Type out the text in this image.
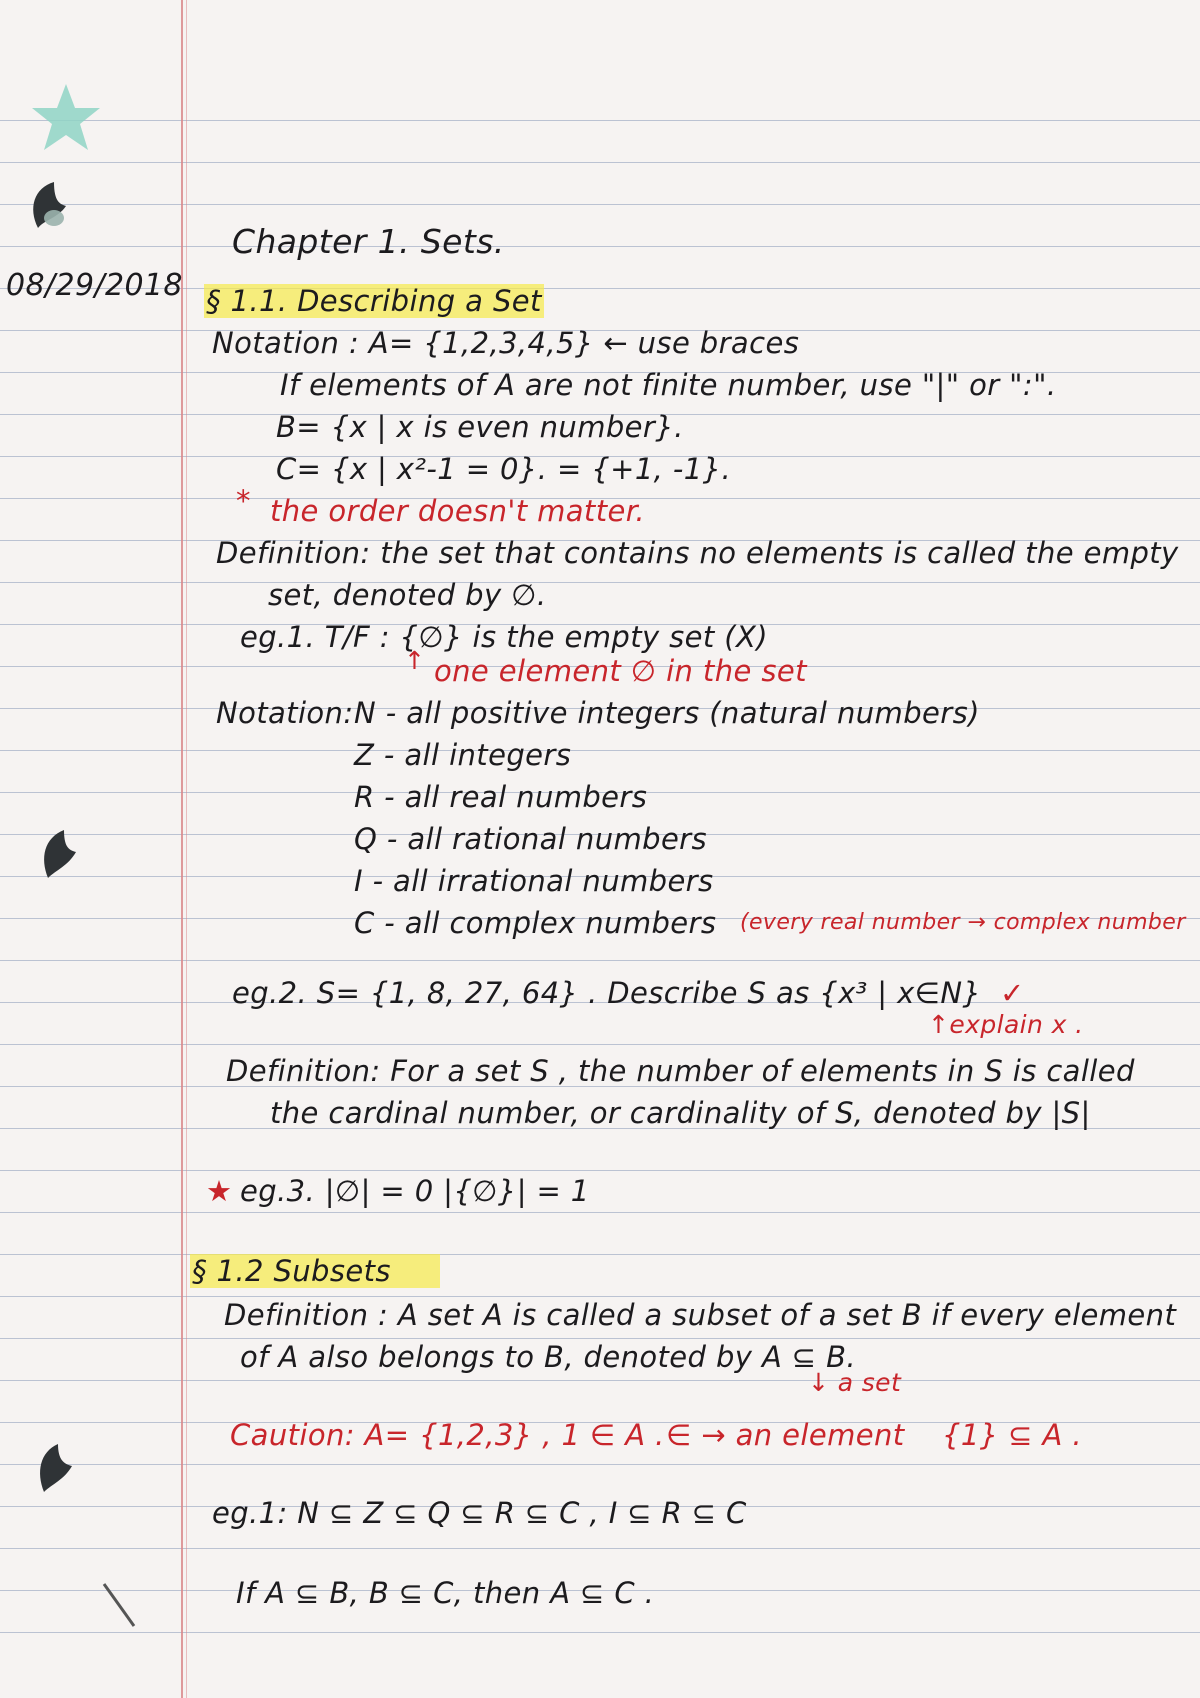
08/29/2018
Chapter 1. Sets.
§ 1.1. Describing a Set
Notation : A= {1,2,3,4,5} ← use braces
If elements of A are not finite number, use "|" or ":".
B= {x | x is even number}.
C= {x | x²-1 = 0}. = {+1, -1}.
* the order doesn't matter.
Definition: the set that contains no elements is called the empty
set, denoted by ∅.
eg.1. T/F : {∅} is the empty set (X)
↑ one element ∅ in the set
Notation: N - all positive integers (natural numbers)
Z - all integers
R - all real numbers
Q - all rational numbers
I - all irrational numbers
C - all complex numbers (every real number → complex number
eg.2. S= {1, 8, 27, 64} . Describe S as {x³ | x∈N} ✓
↑explain x .
Definition: For a set S , the number of elements in S is called
the cardinal number, or cardinality of S, denoted by |S|
★ eg.3. |∅| = 0 |{∅}| = 1
§ 1.2 Subsets
Definition : A set A is called a subset of a set B if every element
of A also belongs to B, denoted by A ⊆ B.
↓ a set
Caution: A= {1,2,3} , 1 ∈ A . ∈ → an element {1} ⊆ A .
eg.1: N ⊆ Z ⊆ Q ⊆ R ⊆ C , I ⊆ R ⊆ C
If A ⊆ B, B ⊆ C, then A ⊆ C .
